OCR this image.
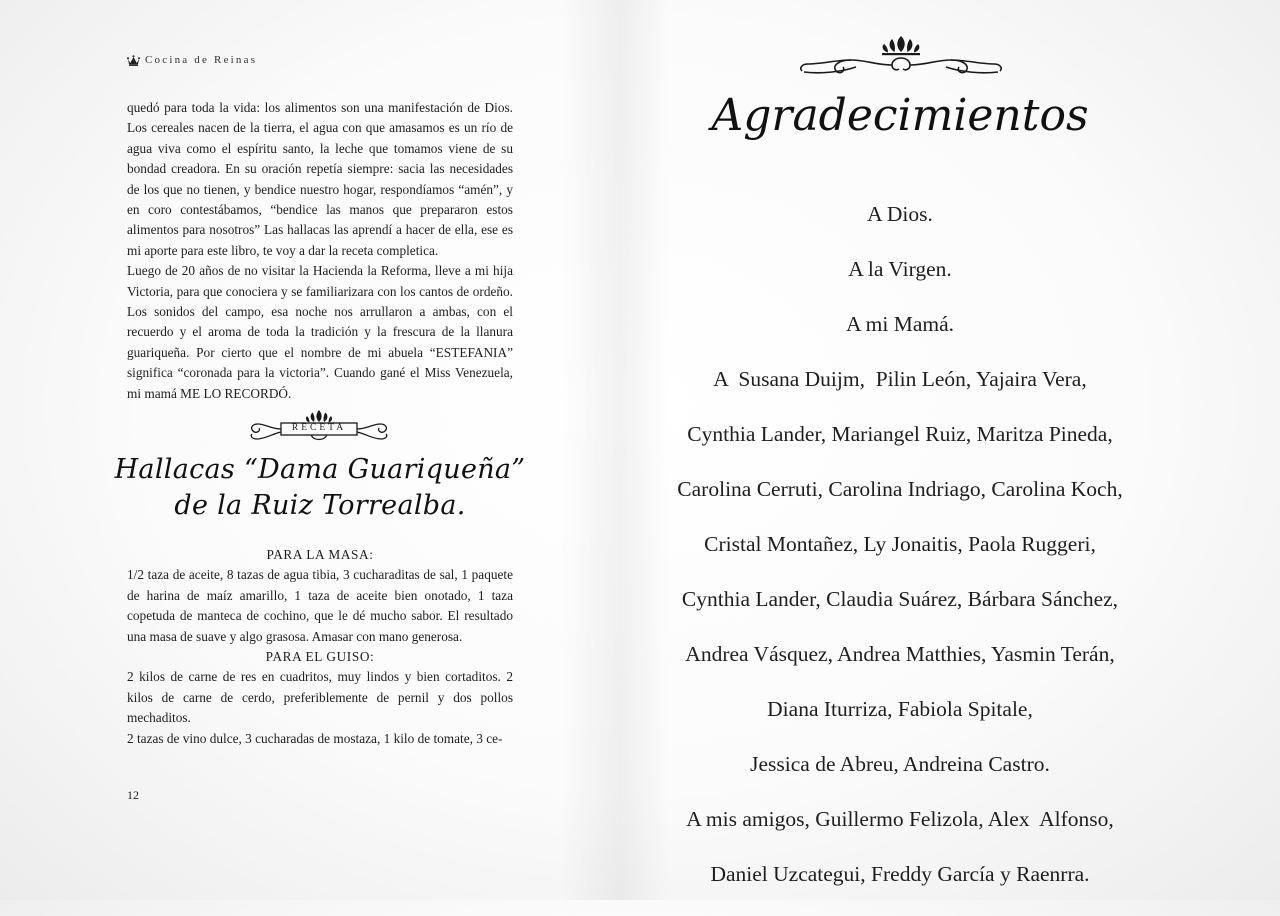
Cocina de Reinas

quedó para toda la vida: los alimentos son una manifestación de Dios. Los cereales nacen de la tierra, el agua con que amasamos es un río de agua viva como el espíritu santo, la leche que tomamos viene de su bondad creadora. En su oración repetía siempre: sacia las necesidades de los que no tienen, y bendice nuestro hogar, respondíamos “amén”, y en coro contestábamos, “bendice las manos que prepararon estos alimentos para nosotros” Las hallacas las aprendí a hacer de ella, ese es mi aporte para este libro, te voy a dar la receta completica.

Luego de 20 años de no visitar la Hacienda la Reforma, lleve a mi hija Victoria, para que conociera y se familiarizara con los cantos de ordeño. Los sonidos del campo, esa noche nos arrullaron a ambas, con el recuerdo y el aroma de toda la tradición y la frescura de la llanura guariqueña. Por cierto que el nombre de mi abuela “ESTEFANIA” significa “coronada para la victoria”. Cuando gané el Miss Venezuela, mi mamá ME LO RECORDÓ.

RECETA
Hallacas “Dama Guariqueña”
de la Ruiz Torrealba.

PARA LA MASA:

1/2 taza de aceite, 8 tazas de agua tibia, 3 cucharaditas de sal, 1 paquete de harina de maíz amarillo, 1 taza de aceite bien onotado, 1 taza copetuda de manteca de cochino, que le dé mucho sabor. El resultado una masa de suave y algo grasosa. Amasar con mano generosa.

PARA EL GUISO:

2 kilos de carne de res en cuadritos, muy lindos y bien cortaditos. 2 kilos de carne de cerdo, preferiblemente de pernil y dos pollos mechaditos.

2 tazas de vino dulce, 3 cucharadas de mostaza, 1 kilo de tomate, 3 ce-

12
Agradecimientos
A Dios.
A la Virgen.
A mi Mamá.
A  Susana Duijm,  Pilin León, Yajaira Vera,
Cynthia Lander, Mariangel Ruiz, Maritza Pineda,
Carolina Cerruti, Carolina Indriago, Carolina Koch,
Cristal Montañez, Ly Jonaitis, Paola Ruggeri,
Cynthia Lander, Claudia Suárez, Bárbara Sánchez,
Andrea Vásquez, Andrea Matthies, Yasmin Terán,
Diana Iturriza, Fabiola Spitale,
Jessica de Abreu, Andreina Castro.
A mis amigos, Guillermo Felizola, Alex  Alfonso,
Daniel Uzcategui, Freddy García y Raenrra.
